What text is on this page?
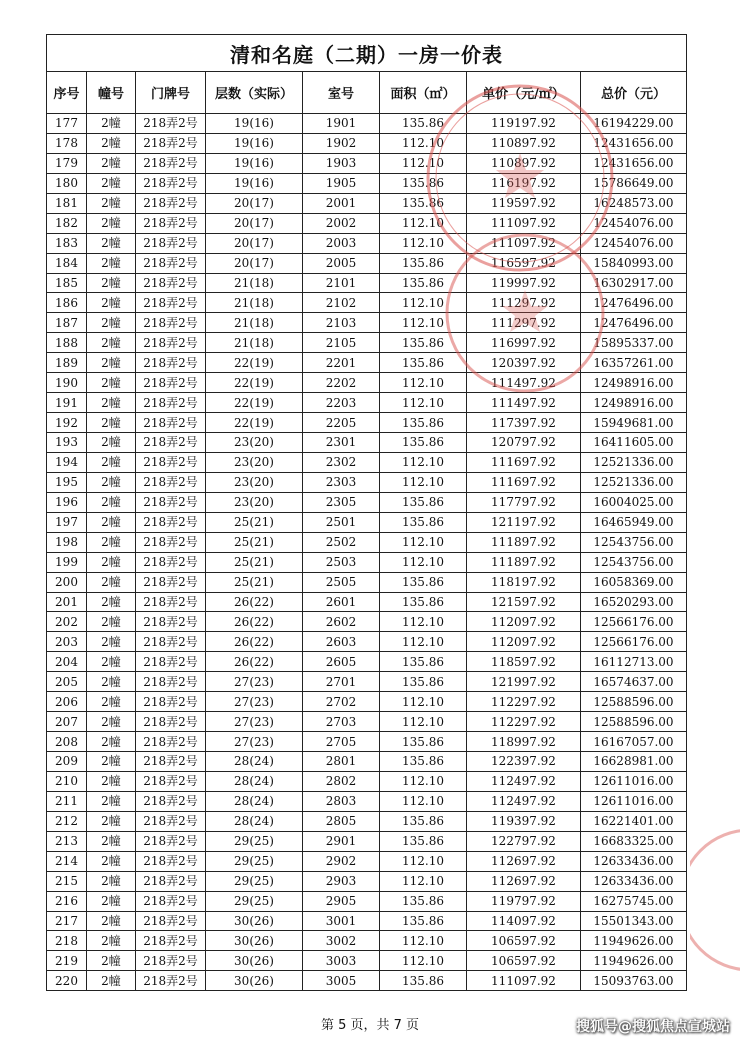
清和名庭（二期）一房一价表							
序号	幢号	门牌号	层数（实际）	室号	面积（㎡）	单价（元/㎡）	总价（元）
177	2幢	218弄2号	19(16)	1901	135.86	119197.92	16194229.00
178	2幢	218弄2号	19(16)	1902	112.10	110897.92	12431656.00
179	2幢	218弄2号	19(16)	1903	112.10	110897.92	12431656.00
180	2幢	218弄2号	19(16)	1905	135.86	116197.92	15786649.00
181	2幢	218弄2号	20(17)	2001	135.86	119597.92	16248573.00
182	2幢	218弄2号	20(17)	2002	112.10	111097.92	12454076.00
183	2幢	218弄2号	20(17)	2003	112.10	111097.92	12454076.00
184	2幢	218弄2号	20(17)	2005	135.86	116597.92	15840993.00
185	2幢	218弄2号	21(18)	2101	135.86	119997.92	16302917.00
186	2幢	218弄2号	21(18)	2102	112.10	111297.92	12476496.00
187	2幢	218弄2号	21(18)	2103	112.10	111297.92	12476496.00
188	2幢	218弄2号	21(18)	2105	135.86	116997.92	15895337.00
189	2幢	218弄2号	22(19)	2201	135.86	120397.92	16357261.00
190	2幢	218弄2号	22(19)	2202	112.10	111497.92	12498916.00
191	2幢	218弄2号	22(19)	2203	112.10	111497.92	12498916.00
192	2幢	218弄2号	22(19)	2205	135.86	117397.92	15949681.00
193	2幢	218弄2号	23(20)	2301	135.86	120797.92	16411605.00
194	2幢	218弄2号	23(20)	2302	112.10	111697.92	12521336.00
195	2幢	218弄2号	23(20)	2303	112.10	111697.92	12521336.00
196	2幢	218弄2号	23(20)	2305	135.86	117797.92	16004025.00
197	2幢	218弄2号	25(21)	2501	135.86	121197.92	16465949.00
198	2幢	218弄2号	25(21)	2502	112.10	111897.92	12543756.00
199	2幢	218弄2号	25(21)	2503	112.10	111897.92	12543756.00
200	2幢	218弄2号	25(21)	2505	135.86	118197.92	16058369.00
201	2幢	218弄2号	26(22)	2601	135.86	121597.92	16520293.00
202	2幢	218弄2号	26(22)	2602	112.10	112097.92	12566176.00
203	2幢	218弄2号	26(22)	2603	112.10	112097.92	12566176.00
204	2幢	218弄2号	26(22)	2605	135.86	118597.92	16112713.00
205	2幢	218弄2号	27(23)	2701	135.86	121997.92	16574637.00
206	2幢	218弄2号	27(23)	2702	112.10	112297.92	12588596.00
207	2幢	218弄2号	27(23)	2703	112.10	112297.92	12588596.00
208	2幢	218弄2号	27(23)	2705	135.86	118997.92	16167057.00
209	2幢	218弄2号	28(24)	2801	135.86	122397.92	16628981.00
210	2幢	218弄2号	28(24)	2802	112.10	112497.92	12611016.00
211	2幢	218弄2号	28(24)	2803	112.10	112497.92	12611016.00
212	2幢	218弄2号	28(24)	2805	135.86	119397.92	16221401.00
213	2幢	218弄2号	29(25)	2901	135.86	122797.92	16683325.00
214	2幢	218弄2号	29(25)	2902	112.10	112697.92	12633436.00
215	2幢	218弄2号	29(25)	2903	112.10	112697.92	12633436.00
216	2幢	218弄2号	29(25)	2905	135.86	119797.92	16275745.00
217	2幢	218弄2号	30(26)	3001	135.86	114097.92	15501343.00
218	2幢	218弄2号	30(26)	3002	112.10	106597.92	11949626.00
219	2幢	218弄2号	30(26)	3003	112.10	106597.92	11949626.00
220	2幢	218弄2号	30(26)	3005	135.86	111097.92	15093763.00
第 5 页，共 7 页	搜狐号@搜狐焦点宣城站
